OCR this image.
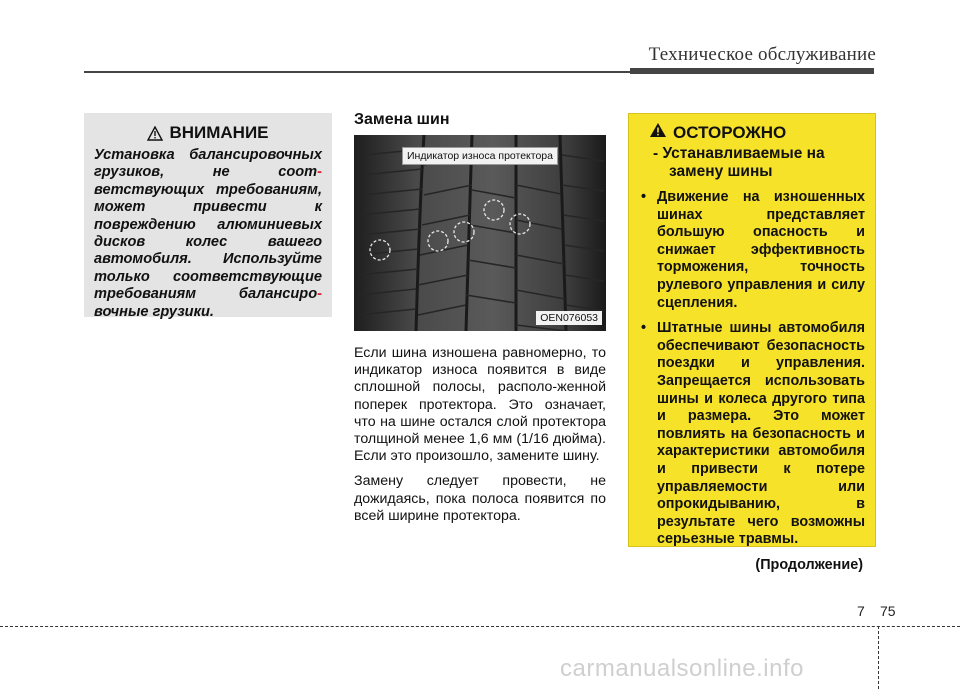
Техническое обслуживание
ВНИМАНИЕ
Установка балансировочных
грузиков, не соот-
ветствующих требованиям,
может привести к
повреждению алюминиевых
дисков колес вашего
автомобиля. Используйте
только соответствующие
требованиям балансиро-
вочные грузики.
Замена шин
Индикатор износа протектора
OEN076053

Если шина изношена равномерно, то индикатор износа появится в виде сплошной полосы, располо-женной поперек протектора. Это означает, что на шине остался слой протектора толщиной менее 1,6 мм (1/16 дюйма). Если это произошло, замените шину.

Замену следует провести, не дожидаясь, пока полоса появится по всей ширине протектора.

ОСТОРОЖНО
- Устанавливаемые на
замену шины
• Движение на изношенных шинах представляет большую опасность и снижает эффективность торможения, точность рулевого управления и силу сцепления.
• Штатные шины автомобиля обеспечивают безопасность поездки и управления. Запрещается использовать шины и колеса другого типа и размера. Это может повлиять на безопасность и характеристики автомобиля и привести к потере управляемости или опрокидыванию, в результате чего возможны серьезные травмы.
(Продолжение)
7 75
carmanualsonline.info
